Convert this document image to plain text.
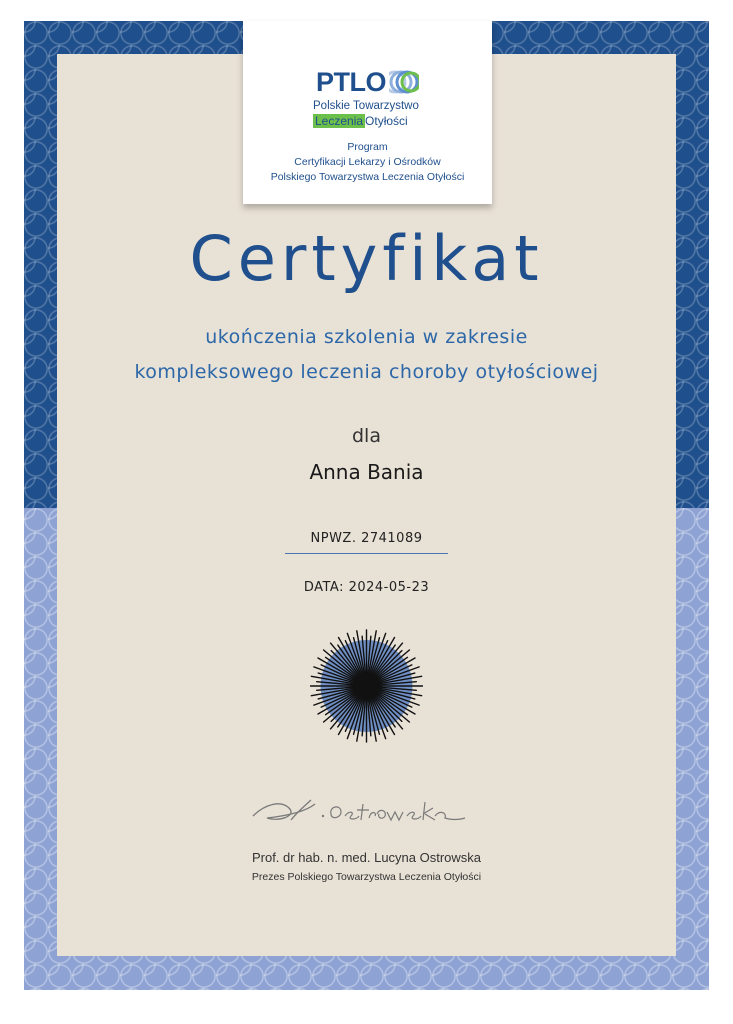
PTLO
Polskie Towarzystwo
Leczenia Otyłości
Program
Certyfikacji Lekarzy i Ośrodków
Polskiego Towarzystwa Leczenia Otyłości
Certyfikat
ukończenia szkolenia w zakresie
kompleksowego leczenia choroby otyłościowej
dla
Anna Bania
NPWZ. 2741089
DATA: 2024-05-23
Prof. dr hab. n. med. Lucyna Ostrowska
Prezes Polskiego Towarzystwa Leczenia Otyłości
